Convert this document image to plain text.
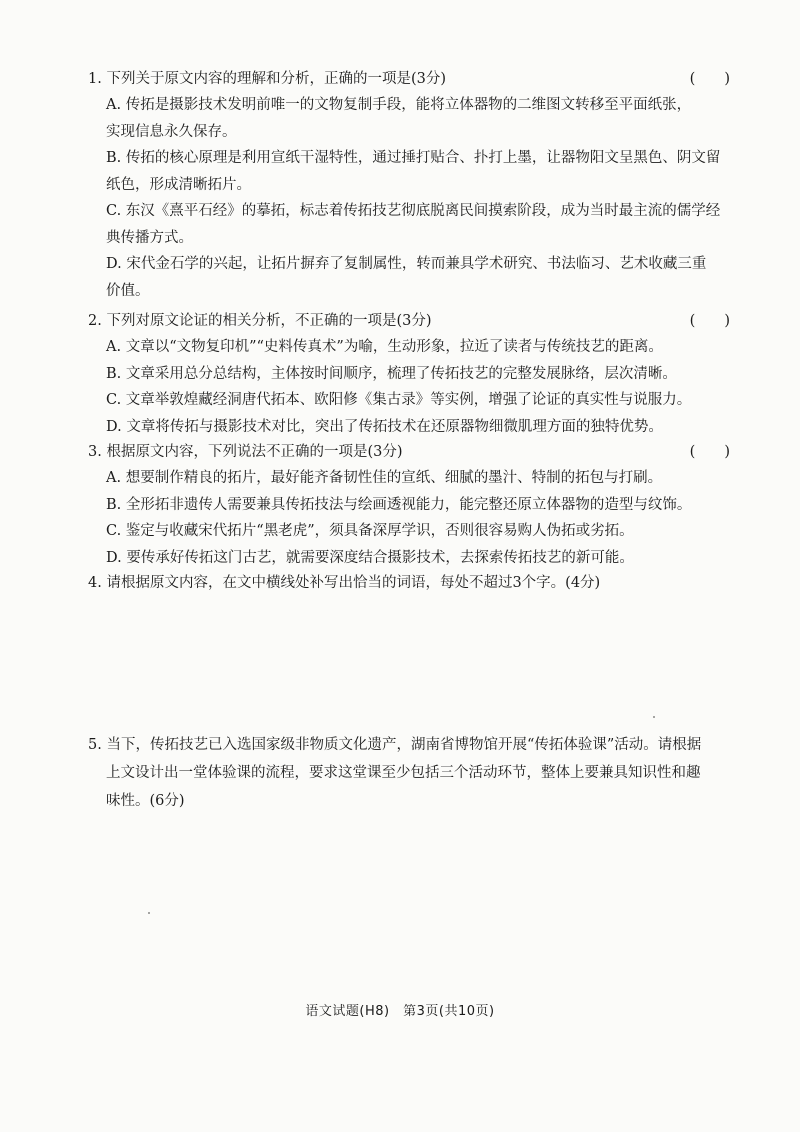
1. 下列关于原文内容的理解和分析，正确的一项是(3分)	(　　)
A. 传拓是摄影技术发明前唯一的文物复制手段，能将立体器物的二维图文转移至平面纸张，
实现信息永久保存。
B. 传拓的核心原理是利用宣纸干湿特性，通过捶打贴合、扑打上墨，让器物阳文呈黑色、阴文留
纸色，形成清晰拓片。
C. 东汉《熹平石经》的摹拓，标志着传拓技艺彻底脱离民间摸索阶段，成为当时最主流的儒学经
典传播方式。
D. 宋代金石学的兴起，让拓片摒弃了复制属性，转而兼具学术研究、书法临习、艺术收藏三重
价值。
2. 下列对原文论证的相关分析，不正确的一项是(3分)	(　　)
A. 文章以“文物复印机”“史料传真术”为喻，生动形象，拉近了读者与传统技艺的距离。
B. 文章采用总分总结构，主体按时间顺序，梳理了传拓技艺的完整发展脉络，层次清晰。
C. 文章举敦煌藏经洞唐代拓本、欧阳修《集古录》等实例，增强了论证的真实性与说服力。
D. 文章将传拓与摄影技术对比，突出了传拓技术在还原器物细微肌理方面的独特优势。
3. 根据原文内容，下列说法不正确的一项是(3分)	(　　)
A. 想要制作精良的拓片，最好能齐备韧性佳的宣纸、细腻的墨汁、特制的拓包与打刷。
B. 全形拓非遗传人需要兼具传拓技法与绘画透视能力，能完整还原立体器物的造型与纹饰。
C. 鉴定与收藏宋代拓片“黑老虎”，须具备深厚学识，否则很容易购人伪拓或劣拓。
D. 要传承好传拓这门古艺，就需要深度结合摄影技术，去探索传拓技艺的新可能。
4. 请根据原文内容，在文中横线处补写出恰当的词语，每处不超过3个字。(4分)
5. 当下，传拓技艺已入选国家级非物质文化遗产，湖南省博物馆开展“传拓体验课”活动。请根据
上文设计出一堂体验课的流程，要求这堂课至少包括三个活动环节，整体上要兼具知识性和趣
味性。(6分)
语文试题(H8)　第3页(共10页)
